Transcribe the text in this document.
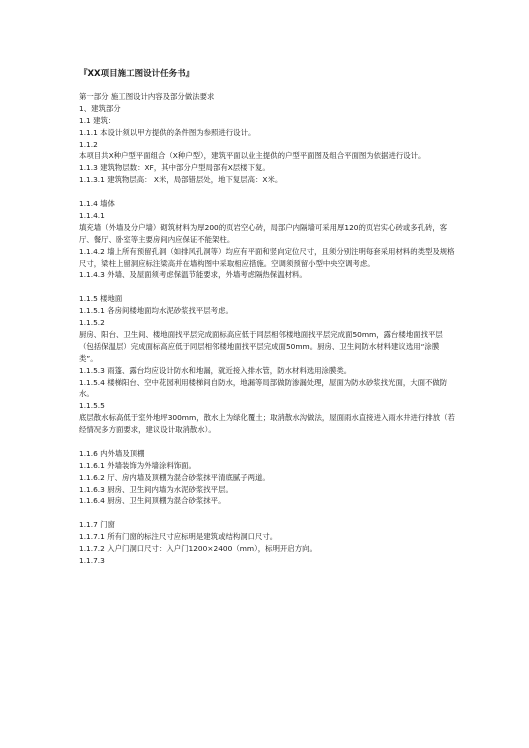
『XX项目施工图设计任务书』
第一部分 施工图设计内容及部分做法要求
1、建筑部分
1.1 建筑：
1.1.1 本设计须以甲方提供的条件图为参照进行设计。
1.1.2
本项目共X种户型平面组合（X种户型），建筑平面以业主提供的户型平面图及组合平面图为依据进行设计。
1.1.3 建筑物层数：XF，其中部分户型局部有X层楼下复。
1.1.3.1 建筑物层高： X米，局部错层处，地下复层高：X米。
1.1.4 墙体
1.1.4.1
填充墙（外墙及分户墙）砌筑材料为厚200的页岩空心砖，局部户内隔墙可采用厚120的页岩实心砖或多孔砖，客厅、餐厅、卧室等主要房间内应保证不能架柱。
1.1.4.2 墙上所有预留孔洞（如排风孔洞等）均应有平面和竖向定位尺寸，且须分别注明每套采用材料的类型及规格尺寸，梁柱上留洞应标注梁高并在墙构图中采取相应措施。空调须预留小型中央空调考虑。
1.1.4.3 外墙、及屋面须考虑保温节能要求，外墙考虑隔热保温材料。
1.1.5 楼地面
1.1.5.1 各房间楼地面均水泥砂浆找平层考虑。
1.1.5.2
厨房、阳台、卫生间、楼地面找平层完成面标高应低于同层相邻楼地面找平层完成面50mm，露台楼地面找平层（包括保温层）完成面标高应低于同层相邻楼地面找平层完成面50mm。厨房、卫生间防水材料建议选用“涂膜类”。
1.1.5.3 雨篷、露台均应设计防水和地漏，就近接入排水管，防水材料选用涂膜类。
1.1.5.4 楼梯阳台、空中花园利用楼梯间自防水，地漏等局部做防渗漏处理，屋面为防水砂浆找光面，大面不做防水。
1.1.5.5
底层散水标高低于室外地坪300mm，散水上为绿化覆土；取消散水沟做法，屋面雨水直接进入雨水井进行排放（若经情况多方面要求，建议设计取消散水）。
1.1.6 内外墙及顶棚
1.1.6.1 外墙装饰为外墙涂料饰面。
1.1.6.2 厅、房内墙及顶棚为混合砂浆抹平清底腻子两道。
1.1.6.3 厨房、卫生间内墙为水泥砂浆找平层。
1.1.6.4 厨房、卫生间顶棚为混合砂浆抹平。
1.1.7 门窗
1.1.7.1 所有门窗的标注尺寸应标明是建筑或结构洞口尺寸。
1.1.7.2 入户门洞口尺寸：入户门1200×2400（mm），标明开启方向。
1.1.7.3
